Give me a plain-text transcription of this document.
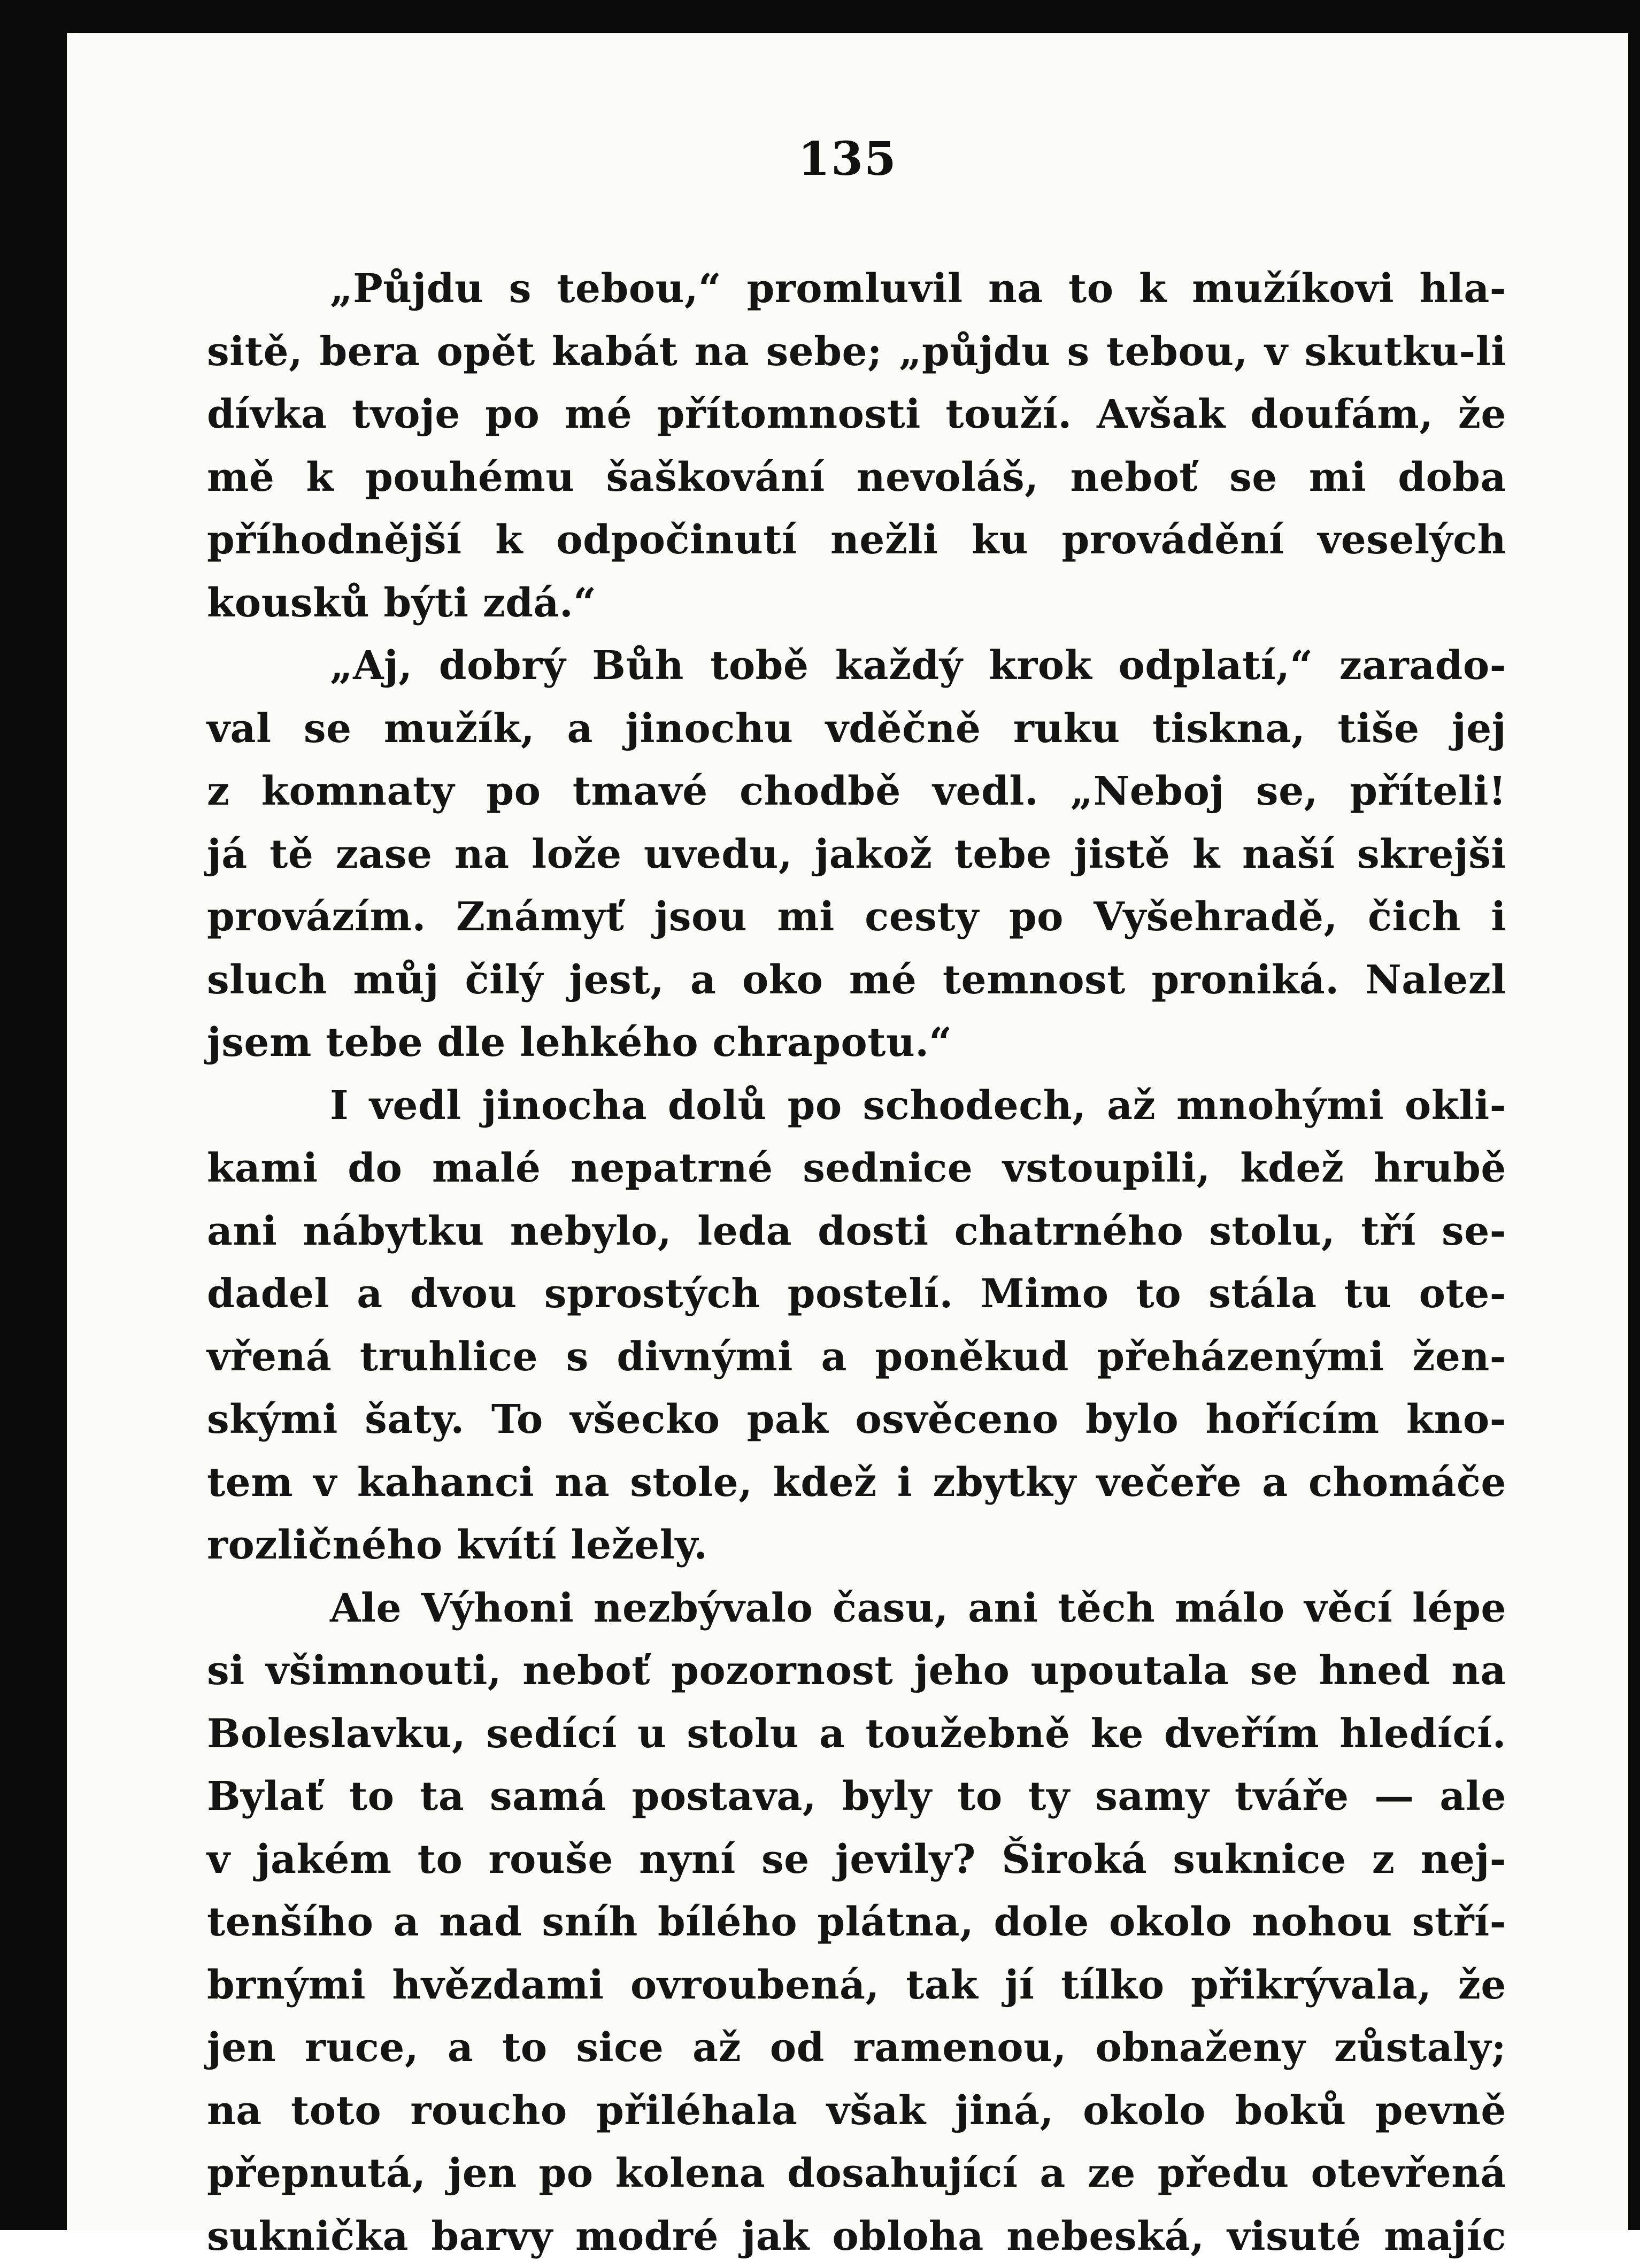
135
„Půjdu s tebou,“ promluvil na to k mužíkovi hla-
sitě, bera opět kabát na sebe; „půjdu s tebou, v skutku-li
dívka tvoje po mé přítomnosti touží. Avšak doufám, že
mě k pouhému šaškování nevoláš, neboť se mi doba
příhodnější k odpočinutí nežli ku provádění veselých
kousků býti zdá.“
„Aj, dobrý Bůh tobě každý krok odplatí,“ zarado-
val se mužík, a jinochu vděčně ruku tiskna, tiše jej
z komnaty po tmavé chodbě vedl. „Neboj se, příteli!
já tě zase na lože uvedu, jakož tebe jistě k naší skrejši
provázím. Známyť jsou mi cesty po Vyšehradě, čich i
sluch můj čilý jest, a oko mé temnost proniká. Nalezl
jsem tebe dle lehkého chrapotu.“
I vedl jinocha dolů po schodech, až mnohými okli-
kami do malé nepatrné sednice vstoupili, kdež hrubě
ani nábytku nebylo, leda dosti chatrného stolu, tří se-
dadel a dvou sprostých postelí. Mimo to stála tu ote-
vřená truhlice s divnými a poněkud přeházenými žen-
skými šaty. To všecko pak osvěceno bylo hořícím kno-
tem v kahanci na stole, kdež i zbytky večeře a chomáče
rozličného kvítí ležely.
Ale Výhoni nezbývalo času, ani těch málo věcí lépe
si všimnouti, neboť pozornost jeho upoutala se hned na
Boleslavku, sedící u stolu a toužebně ke dveřím hledící.
Bylať to ta samá postava, byly to ty samy tváře — ale
v jakém to rouše nyní se jevily? Široká suknice z nej-
tenšího a nad sníh bílého plátna, dole okolo nohou stří-
brnými hvězdami ovroubená, tak jí tílko přikrývala, že
jen ruce, a to sice až od ramenou, obnaženy zůstaly;
na toto roucho přiléhala však jiná, okolo boků pevně
přepnutá, jen po kolena dosahující a ze předu otevřená
suknička barvy modré jak obloha nebeská, visuté majíc
